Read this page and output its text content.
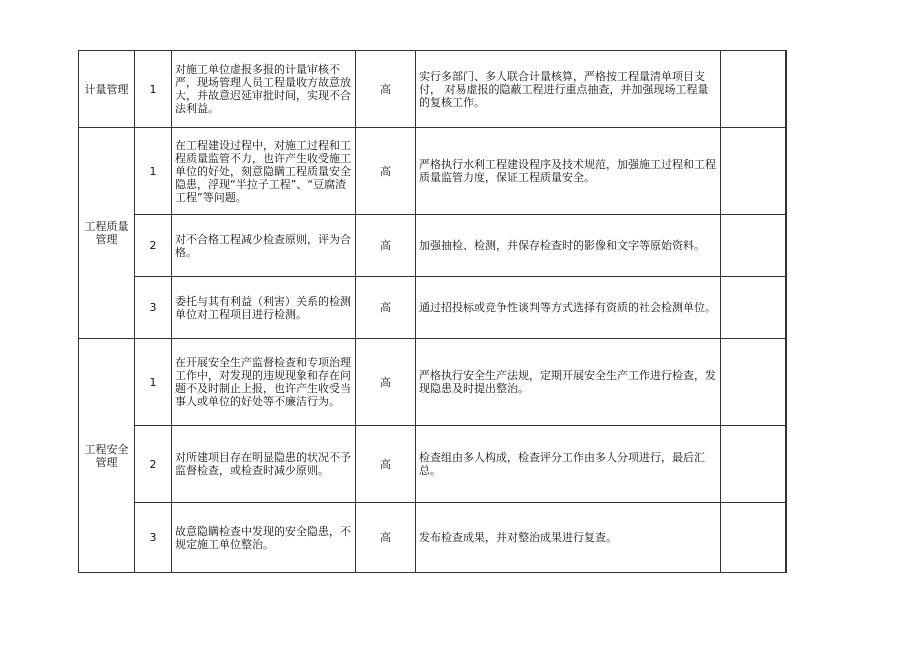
计量管理	1	对施工单位虚报多报的计量审核不严，现场管理人员工程量收方故意放大，并故意迟延审批时间，实现不合法利益。	高	实行多部门、多人联合计量核算，严格按工程量清单项目支付， 对易虚报的隐蔽工程进行重点抽查，并加强现场工程量的复核工作。		
工程质量管理	1	在工程建设过程中，对施工过程和工程质量监管不力，也许产生收受施工单位的好处，刻意隐瞒工程质量安全隐患，浮现“半拉子工程”、“豆腐渣工程”等问题。	高	严格执行水利工程建设程序及技术规范，加强施工过程和工程质量监管力度，保证工程质量安全。		
	2	对不合格工程减少检查原则，评为合格。	高	加强抽检、检测，并保存检查时的影像和文字等原始资料。		
	3	委托与其有利益（利害）关系的检测单位对工程项目进行检测。	高	通过招投标或竞争性谈判等方式选择有资质的社会检测单位。		
工程安全管理	1	在开展安全生产监督检查和专项治理工作中，对发现的违规现象和存在问题不及时制止上报，也许产生收受当事人或单位的好处等不廉洁行为。	高	严格执行安全生产法规，定期开展安全生产工作进行检查，发现隐患及时提出整治。		
	2	对所建项目存在明显隐患的状况不予监督检查，或检查时减少原则。	高	检查组由多人构成，检查评分工作由多人分项进行，最后汇总。		
	3	故意隐瞒检查中发现的安全隐患，不规定施工单位整治。	高	发布检查成果，并对整治成果进行复查。		
